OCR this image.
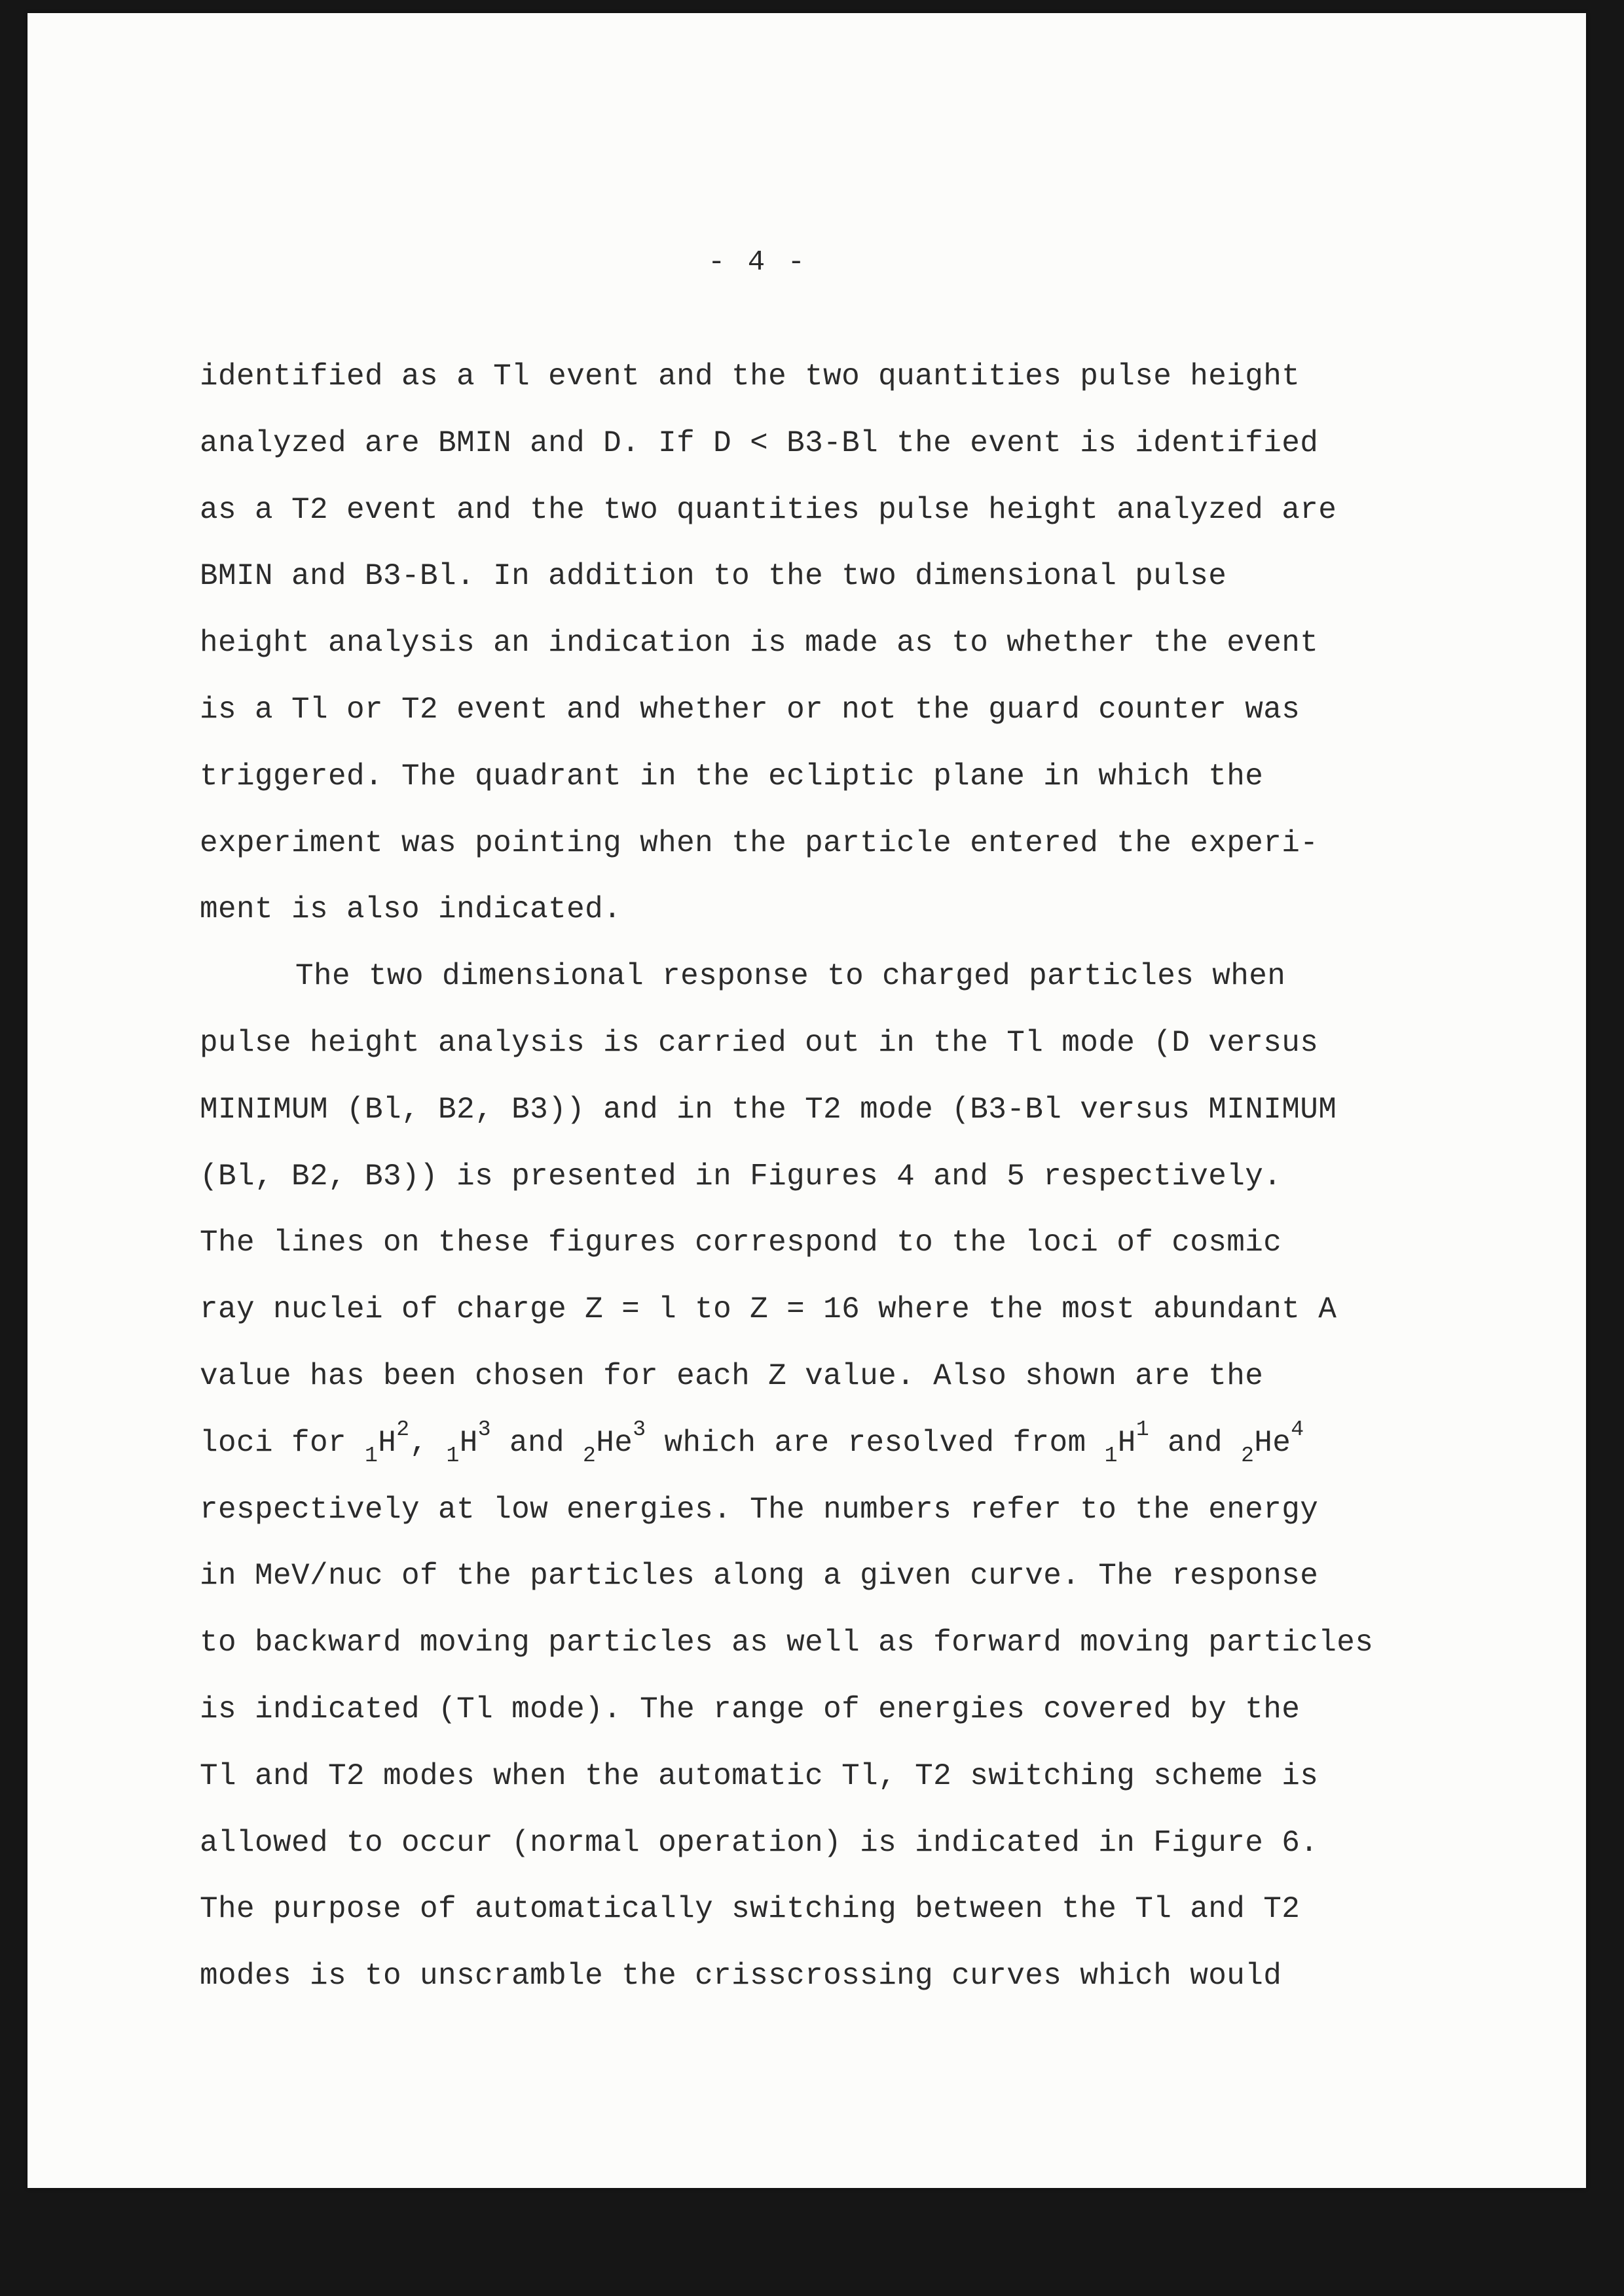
- 4 -
identified as a Tl event and the two quantities pulse height
analyzed are BMIN and D. If D < B3-Bl the event is identified
as a T2 event and the two quantities pulse height analyzed are
BMIN and B3-Bl. In addition to the two dimensional pulse
height analysis an indication is made as to whether the event
is a Tl or T2 event and whether or not the guard counter was
triggered. The quadrant in the ecliptic plane in which the
experiment was pointing when the particle entered the experi-
ment is also indicated.
The two dimensional response to charged particles when
pulse height analysis is carried out in the Tl mode (D versus
MINIMUM (Bl, B2, B3)) and in the T2 mode (B3-Bl versus MINIMUM
(Bl, B2, B3)) is presented in Figures 4 and 5 respectively.
The lines on these figures correspond to the loci of cosmic
ray nuclei of charge Z = l to Z = 16 where the most abundant A
value has been chosen for each Z value. Also shown are the
loci for $_1H^2$, $_1H^3$ and $_2He^3$ which are resolved from $_1H^1$ and $_2He^4$
respectively at low energies. The numbers refer to the energy
in MeV/nuc of the particles along a given curve. The response
to backward moving particles as well as forward moving particles
is indicated (Tl mode). The range of energies covered by the
Tl and T2 modes when the automatic Tl, T2 switching scheme is
allowed to occur (normal operation) is indicated in Figure 6.
The purpose of automatically switching between the Tl and T2
modes is to unscramble the crisscrossing curves which would
